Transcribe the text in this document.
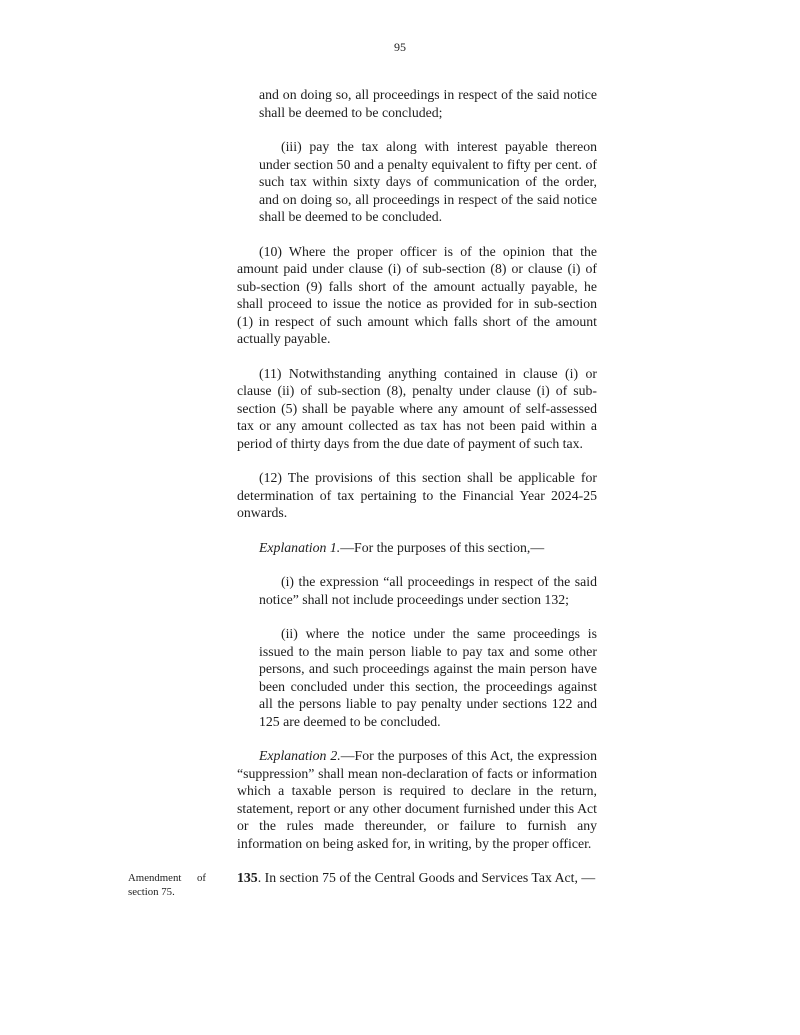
95

and on doing so, all proceedings in respect of the said notice shall be deemed to be concluded;

(iii) pay the tax along with interest payable thereon under section 50 and a penalty equivalent to fifty per cent. of such tax within sixty days of communication of the order, and on doing so, all proceedings in respect of the said notice shall be deemed to be concluded.

(10) Where the proper officer is of the opinion that the amount paid under clause (i) of sub-section (8) or clause (i) of sub-section (9) falls short of the amount actually payable, he shall proceed to issue the notice as provided for in sub-section (1) in respect of such amount which falls short of the amount actually payable.

(11) Notwithstanding anything contained in clause (i) or clause (ii) of sub-section (8), penalty under clause (i) of sub-section (5) shall be payable where any amount of self-assessed tax or any amount collected as tax has not been paid within a period of thirty days from the due date of payment of such tax.

(12) The provisions of this section shall be applicable for determination of tax pertaining to the Financial Year 2024-25 onwards.

Explanation 1.—For the purposes of this section,—

(i) the expression “all proceedings in respect of the said notice” shall not include proceedings under section 132;

(ii) where the notice under the same proceedings is issued to the main person liable to pay tax and some other persons, and such proceedings against the main person have been concluded under this section, the proceedings against all the persons liable to pay penalty under sections 122 and 125 are deemed to be concluded.

Explanation 2.—For the purposes of this Act, the expression “suppression” shall mean non-declaration of facts or information which a taxable person is required to declare in the return, statement, report or any other document furnished under this Act or the rules made thereunder, or failure to furnish any information on being asked for, in writing, by the proper officer.

Amendment of section 75.

135. In section 75 of the Central Goods and Services Tax Act, —
